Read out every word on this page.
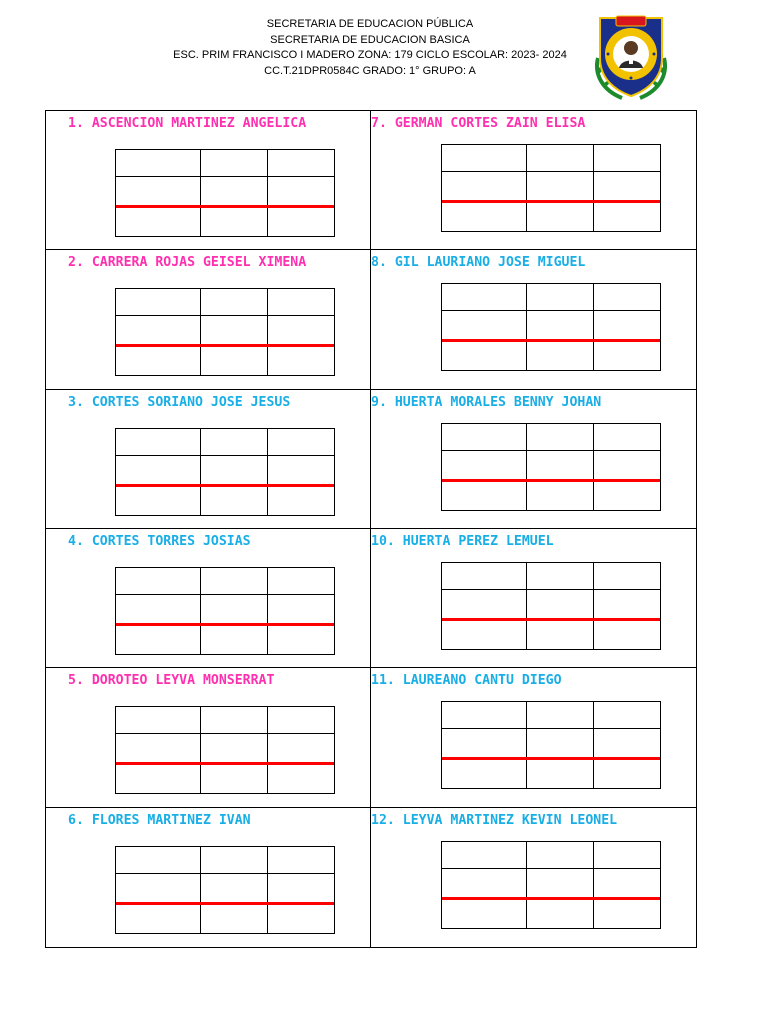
SECRETARIA DE EDUCACION PÚBLICA
SECRETARIA DE EDUCACION BASICA
ESC. PRIM FRANCISCO I MADERO ZONA: 179 CICLO ESCOLAR: 2023- 2024
CC.T.21DPR0584C GRADO: 1° GRUPO: A
1. ASCENCION MARTINEZ ANGELICA	7. GERMAN CORTES ZAIN ELISA
2. CARRERA ROJAS GEISEL XIMENA	8. GIL LAURIANO JOSE MIGUEL
3. CORTES SORIANO JOSE JESUS	9. HUERTA MORALES BENNY JOHAN
4. CORTES TORRES JOSIAS	10. HUERTA PEREZ LEMUEL
5. DOROTEO LEYVA MONSERRAT	11. LAUREANO CANTU DIEGO
6. FLORES MARTINEZ IVAN	12. LEYVA MARTINEZ KEVIN LEONEL
